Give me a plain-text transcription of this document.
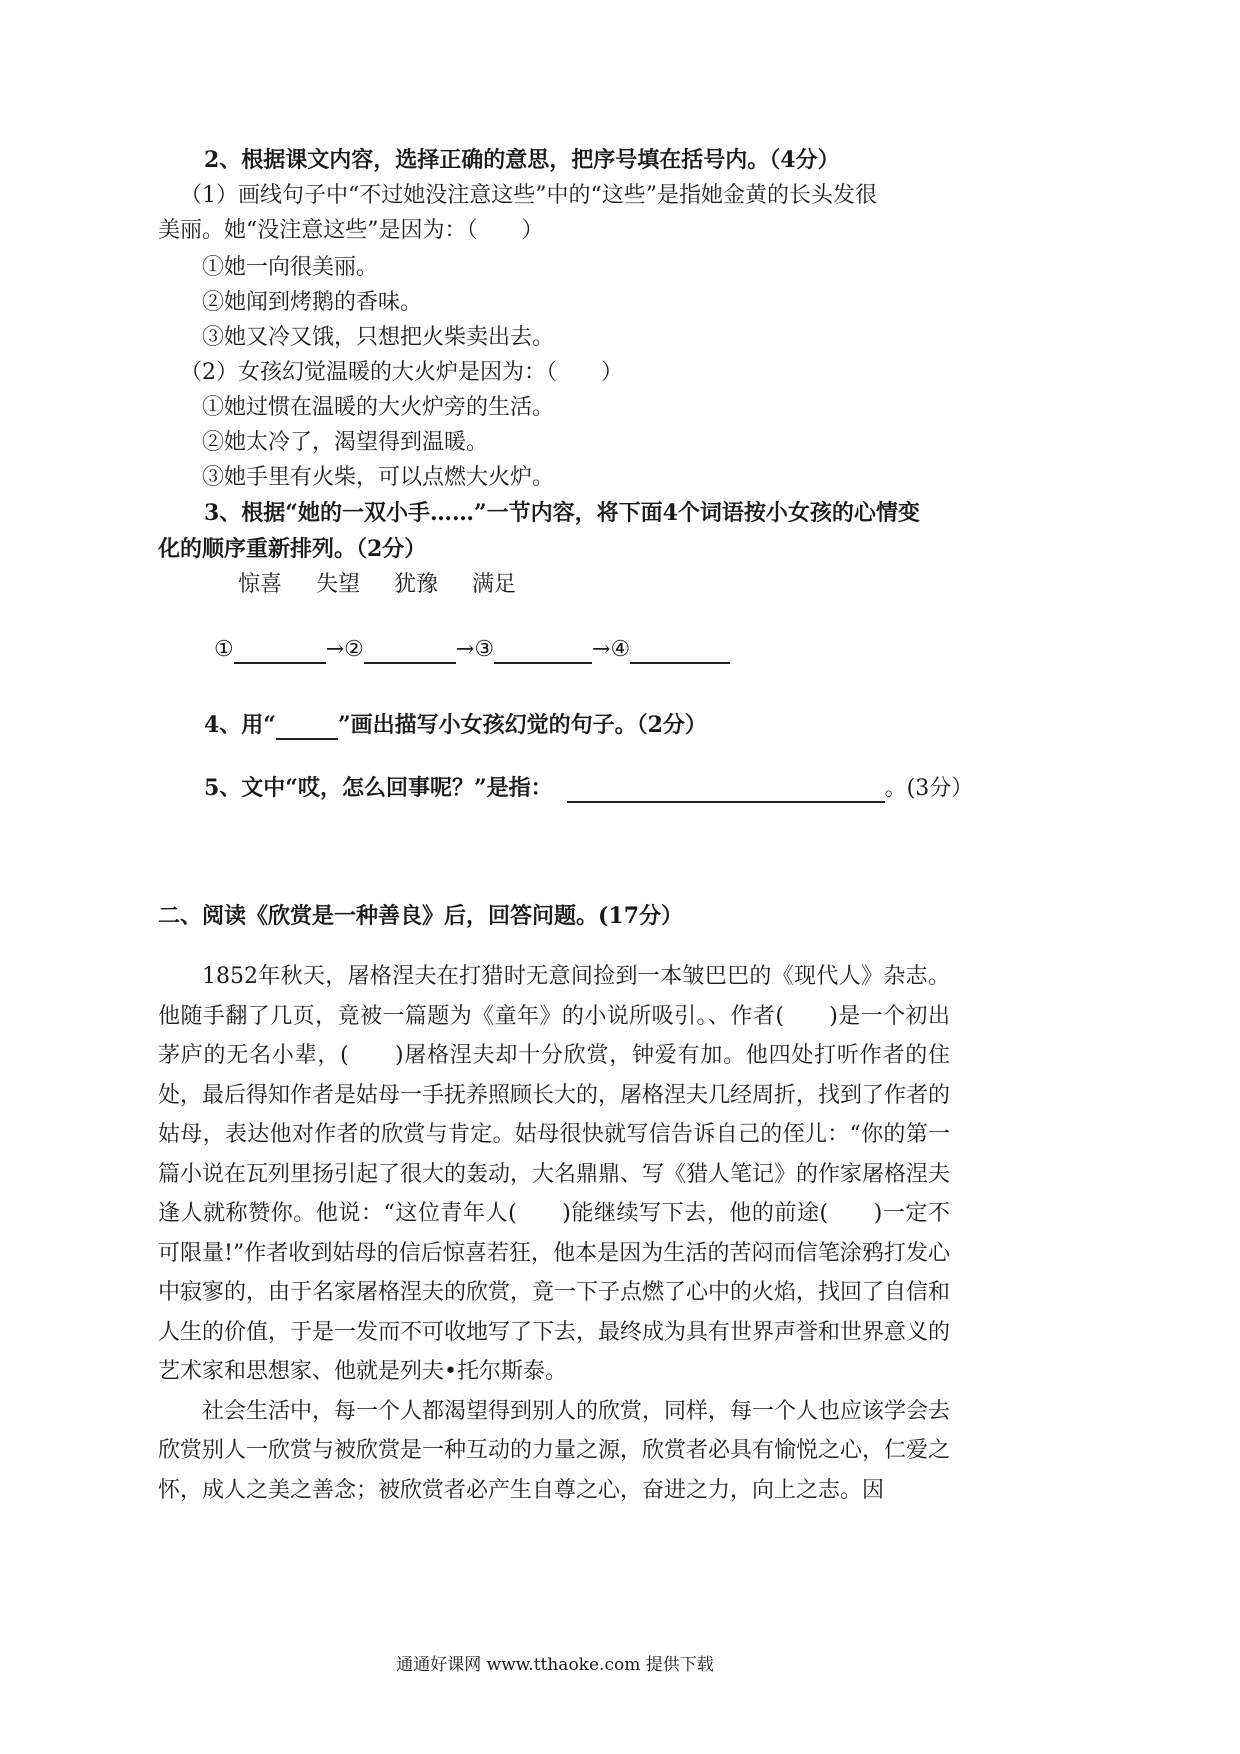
2、根据课文内容，选择正确的意思，把序号填在括号内。（4分）
（1）画线句子中“不过她没注意这些”中的“这些”是指她金黄的长头发很
美丽。她“没注意这些”是因为：（　　）
①她一向很美丽。
②她闻到烤鹅的香味。
③她又冷又饿，只想把火柴卖出去。
（2）女孩幻觉温暖的大火炉是因为：（　　）
①她过惯在温暖的大火炉旁的生活。
②她太冷了，渴望得到温暖。
③她手里有火柴，可以点燃大火炉。
3、根据“她的一双小手……”一节内容，将下面4个词语按小女孩的心情变
化的顺序重新排列。（2分）
惊喜 失望 犹豫 满足
①	→②	→③	→④
4、用“	”画出描写小女孩幻觉的句子。（2分）
5、文中“哎，怎么回事呢？”是指：	。(3分）
二、阅读《欣赏是一种善良》后，回答问题。(17分）

1852年秋天，屠格涅夫在打猎时无意间捡到一本皱巴巴的《现代人》杂志。他随手翻了几页，竟被一篇题为《童年》的小说所吸引。、作者(　　)是一个初出茅庐的无名小辈，(　　)屠格涅夫却十分欣赏，钟爱有加。他四处打听作者的住处，最后得知作者是姑母一手抚养照顾长大的，屠格涅夫几经周折，找到了作者的姑母，表达他对作者的欣赏与肯定。姑母很快就写信告诉自己的侄儿：“你的第一篇小说在瓦列里扬引起了很大的轰动，大名鼎鼎、写《猎人笔记》的作家屠格涅夫逢人就称赞你。他说：“这位青年人(　　)能继续写下去，他的前途(　　)一定不可限量!”作者收到姑母的信后惊喜若狂，他本是因为生活的苦闷而信笔涂鸦打发心中寂寥的，由于名家屠格涅夫的欣赏，竟一下子点燃了心中的火焰，找回了自信和人生的价值，于是一发而不可收地写了下去，最终成为具有世界声誉和世界意义的艺术家和思想家、他就是列夫•托尔斯泰。

社会生活中，每一个人都渴望得到别人的欣赏，同样，每一个人也应该学会去欣赏别人一欣赏与被欣赏是一种互动的力量之源，欣赏者必具有愉悦之心，仁爱之怀，成人之美之善念；被欣赏者必产生自尊之心，奋进之力，向上之志。因

通通好课网 www.tthaoke.com 提供下载
